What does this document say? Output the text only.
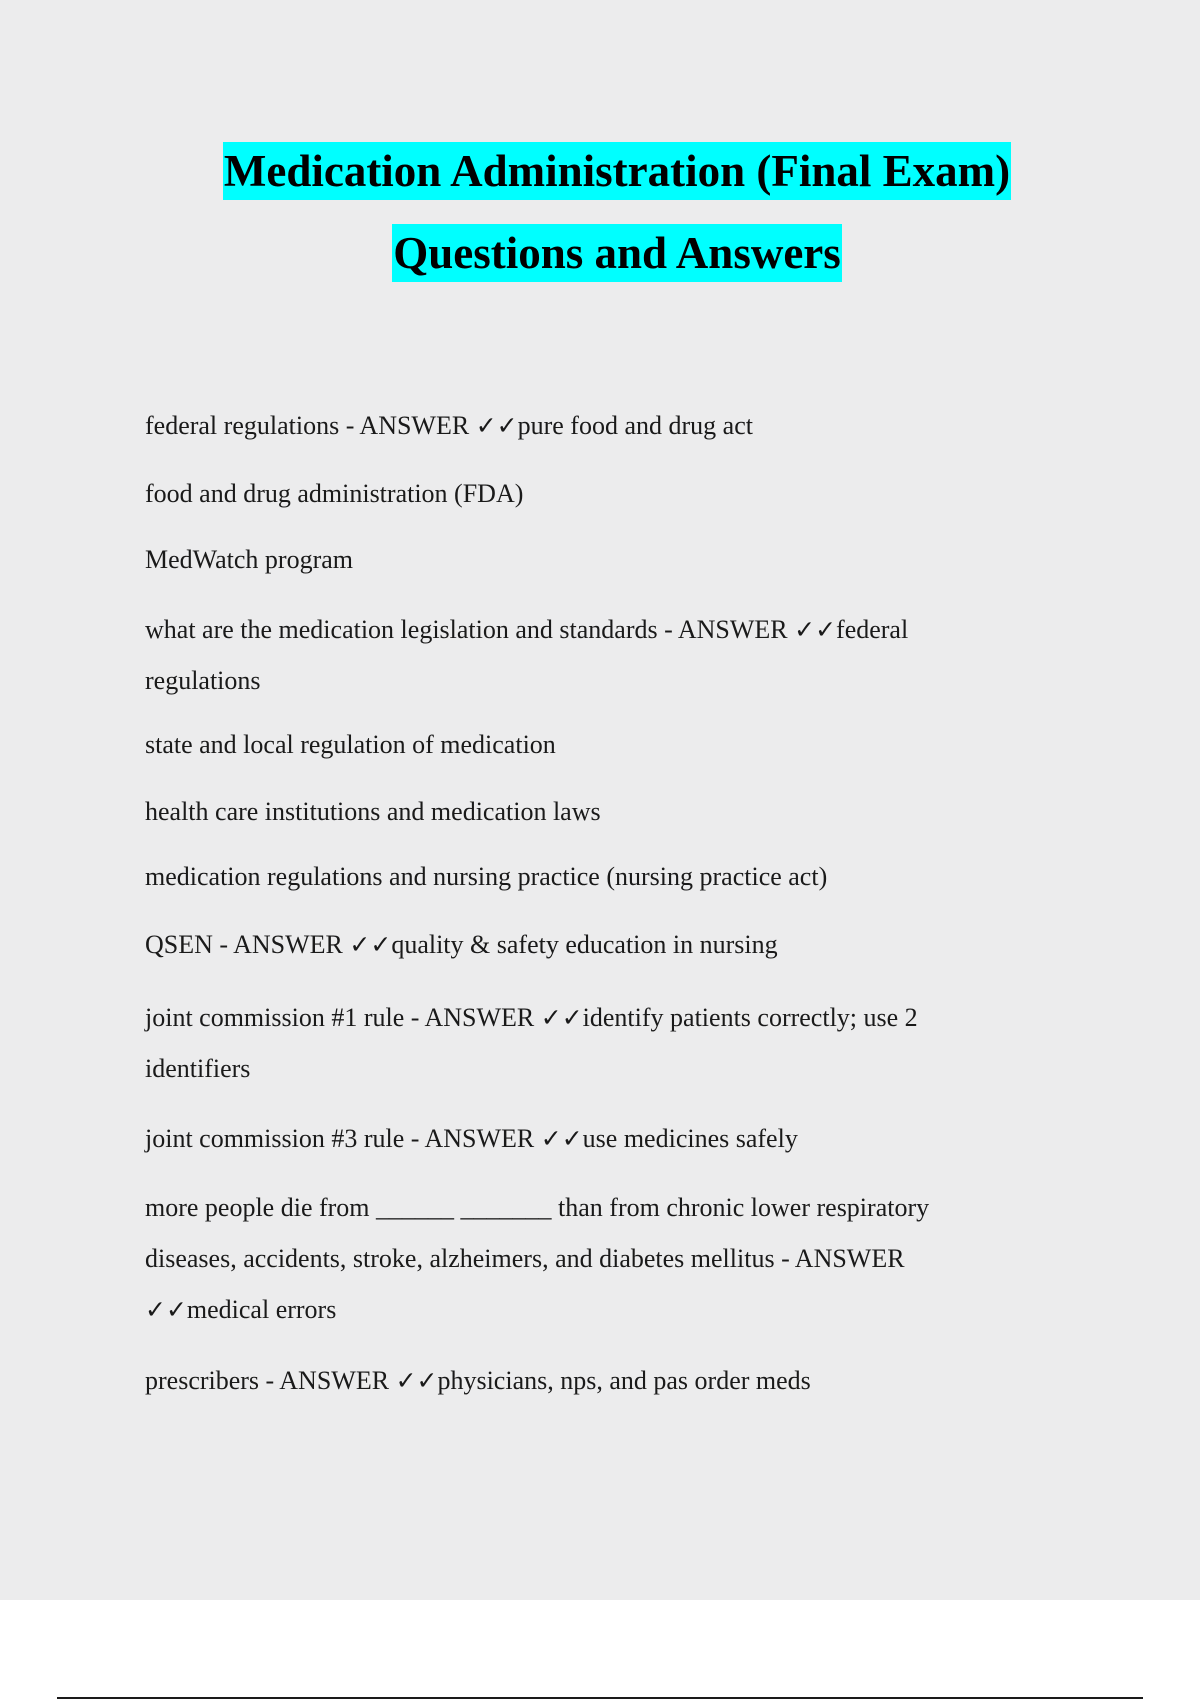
Medication Administration (Final Exam)
Questions and Answers
federal regulations - ANSWER ✓✓pure food and drug act
food and drug administration (FDA)
MedWatch program
what are the medication legislation and standards - ANSWER ✓✓federal regulations
state and local regulation of medication
health care institutions and medication laws
medication regulations and nursing practice (nursing practice act)
QSEN - ANSWER ✓✓quality & safety education in nursing
joint commission #1 rule - ANSWER ✓✓identify patients correctly; use 2 identifiers
joint commission #3 rule - ANSWER ✓✓use medicines safely
more people die from ______ _______ than from chronic lower respiratory diseases, accidents, stroke, alzheimers, and diabetes mellitus - ANSWER ✓✓medical errors
prescribers - ANSWER ✓✓physicians, nps, and pas order meds
